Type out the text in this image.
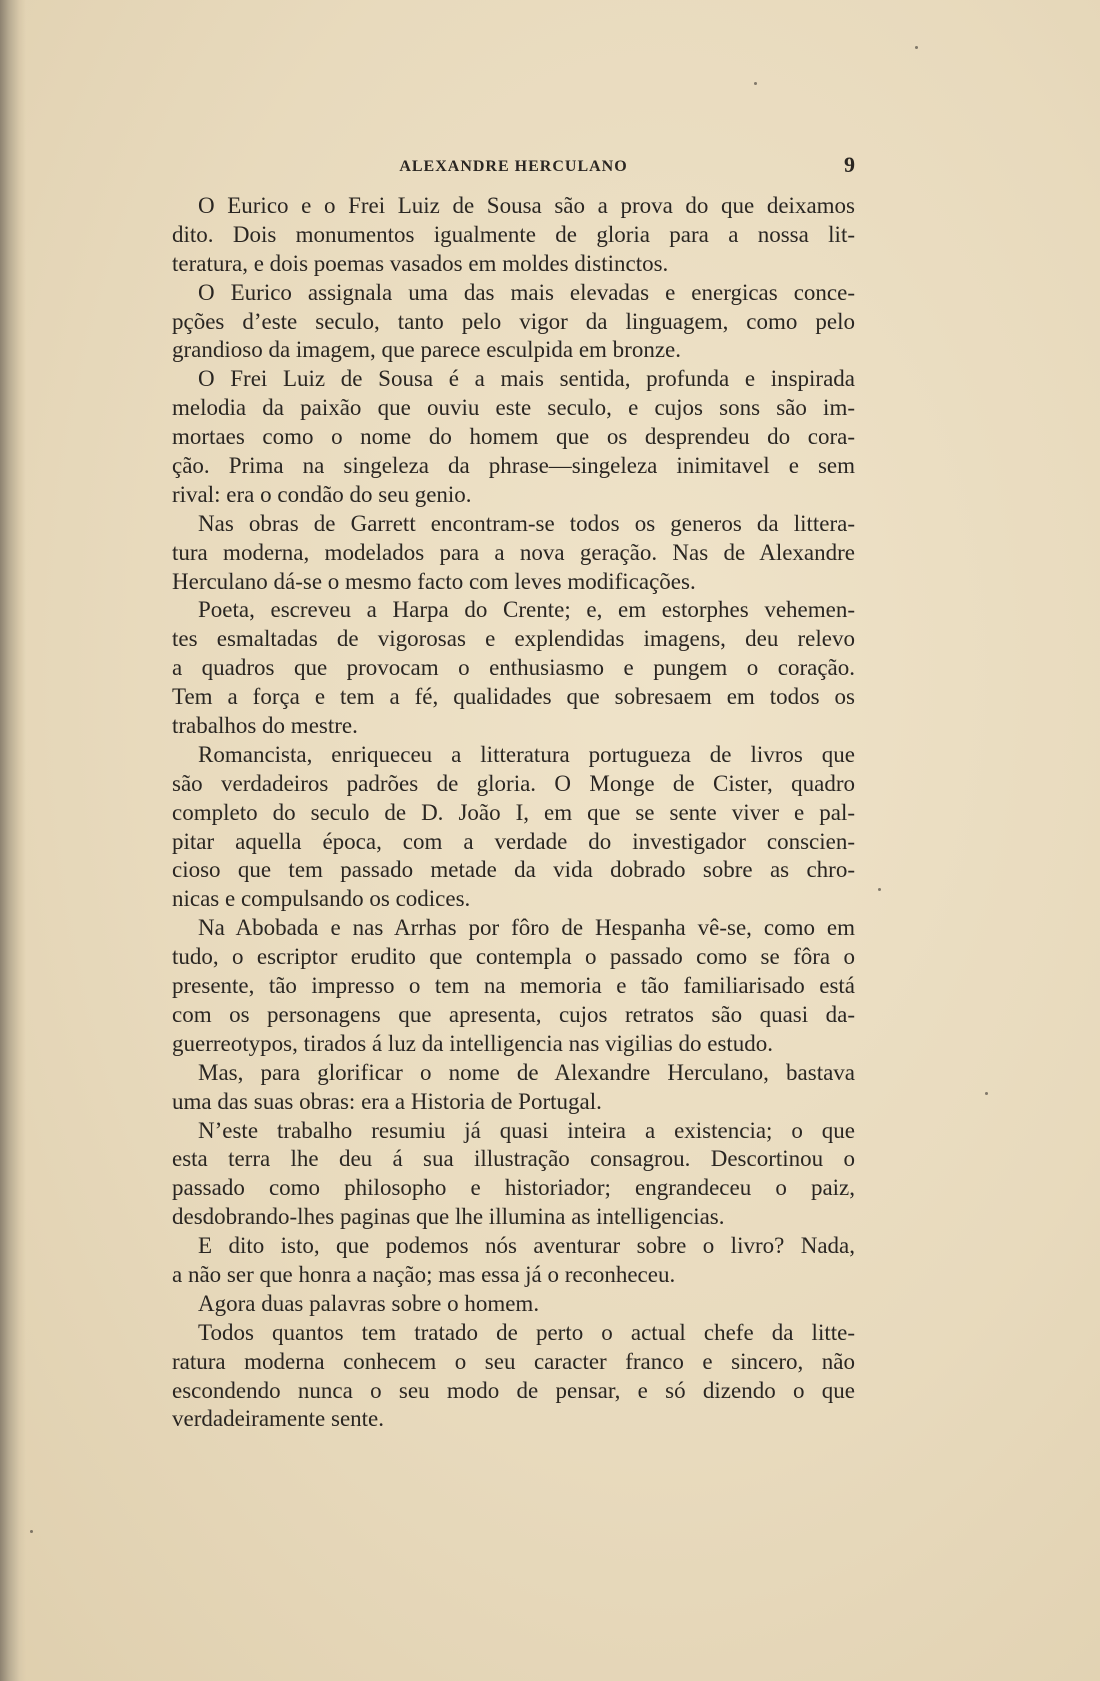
ALEXANDRE HERCULANO	9
O Eurico e o Frei Luiz de Sousa são a prova do que deixamos
dito. Dois monumentos igualmente de gloria para a nossa lit-
teratura, e dois poemas vasados em moldes distinctos.
O Eurico assignala uma das mais elevadas e energicas conce-
pções d’este seculo, tanto pelo vigor da linguagem, como pelo
grandioso da imagem, que parece esculpida em bronze.
O Frei Luiz de Sousa é a mais sentida, profunda e inspirada
melodia da paixão que ouviu este seculo, e cujos sons são im-
mortaes como o nome do homem que os desprendeu do cora-
ção. Prima na singeleza da phrase—singeleza inimitavel e sem
rival: era o condão do seu genio.
Nas obras de Garrett encontram-se todos os generos da littera-
tura moderna, modelados para a nova geração. Nas de Alexandre
Herculano dá-se o mesmo facto com leves modificações.
Poeta, escreveu a Harpa do Crente; e, em estorphes vehemen-
tes esmaltadas de vigorosas e explendidas imagens, deu relevo
a quadros que provocam o enthusiasmo e pungem o coração.
Tem a força e tem a fé, qualidades que sobresaem em todos os
trabalhos do mestre.
Romancista, enriqueceu a litteratura portugueza de livros que
são verdadeiros padrões de gloria. O Monge de Cister, quadro
completo do seculo de D. João I, em que se sente viver e pal-
pitar aquella época, com a verdade do investigador conscien-
cioso que tem passado metade da vida dobrado sobre as chro-
nicas e compulsando os codices.
Na Abobada e nas Arrhas por fôro de Hespanha vê-se, como em
tudo, o escriptor erudito que contempla o passado como se fôra o
presente, tão impresso o tem na memoria e tão familiarisado está
com os personagens que apresenta, cujos retratos são quasi da-
guerreotypos, tirados á luz da intelligencia nas vigilias do estudo.
Mas, para glorificar o nome de Alexandre Herculano, bastava
uma das suas obras: era a Historia de Portugal.
N’este trabalho resumiu já quasi inteira a existencia; o que
esta terra lhe deu á sua illustração consagrou. Descortinou o
passado como philosopho e historiador; engrandeceu o paiz,
desdobrando-lhes paginas que lhe illumina as intelligencias.
E dito isto, que podemos nós aventurar sobre o livro? Nada,
a não ser que honra a nação; mas essa já o reconheceu.
Agora duas palavras sobre o homem.
Todos quantos tem tratado de perto o actual chefe da litte-
ratura moderna conhecem o seu caracter franco e sincero, não
escondendo nunca o seu modo de pensar, e só dizendo o que
verdadeiramente sente.
